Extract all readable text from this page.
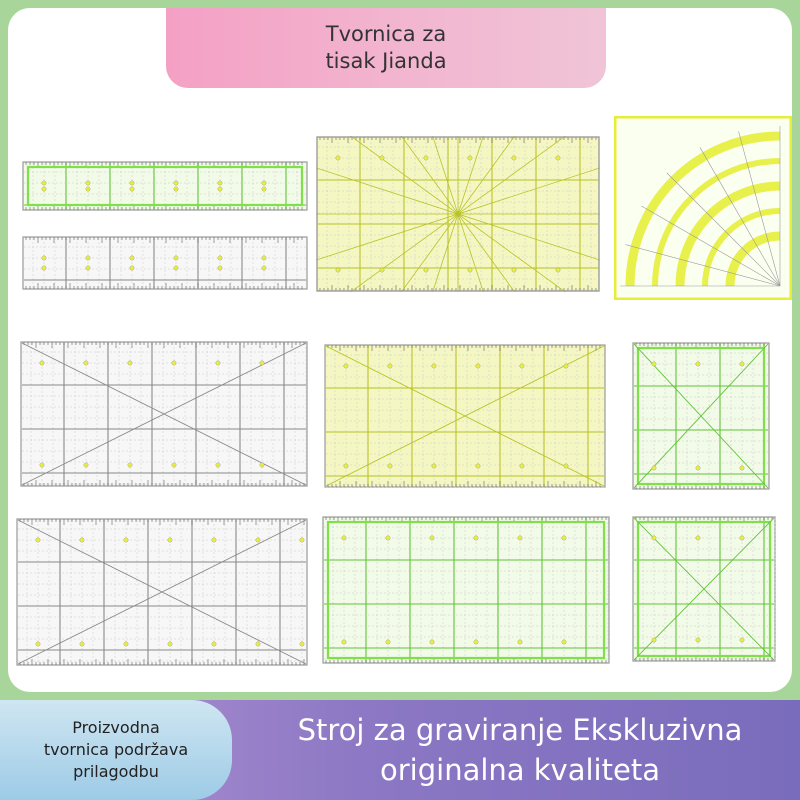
Tvornica za
tisak Jianda
Proizvodna
tvornica podržava
prilagodbu
Stroj za graviranje Ekskluzivna
originalna kvaliteta
